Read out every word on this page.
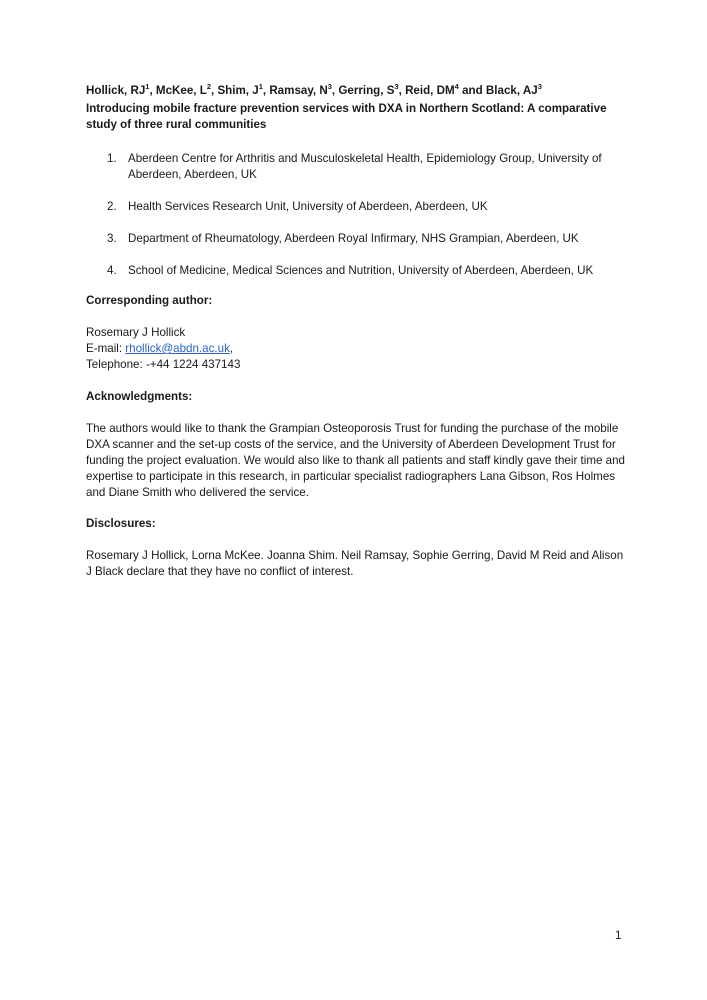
Hollick, $RJ^1$, McKee, $L^2$, Shim, $J^1$, Ramsay, $N^3$, Gerring, $S^3$, Reid, $DM^4$ and Black, $AJ^3$
Introducing mobile fracture prevention services with DXA in Northern Scotland: A comparative study of three rural communities
1. Aberdeen Centre for Arthritis and Musculoskeletal Health, Epidemiology Group, University of Aberdeen, Aberdeen, UK
2. Health Services Research Unit, University of Aberdeen, Aberdeen, UK
3. Department of Rheumatology, Aberdeen Royal Infirmary, NHS Grampian, Aberdeen, UK
4. School of Medicine, Medical Sciences and Nutrition, University of Aberdeen, Aberdeen, UK
Corresponding author:
Rosemary J Hollick
E-mail: rhollick@abdn.ac.uk,
Telephone: -+44 1224 437143
Acknowledgments:
The authors would like to thank the Grampian Osteoporosis Trust for funding the purchase of the mobile DXA scanner and the set-up costs of the service, and the University of Aberdeen Development Trust for funding the project evaluation. We would also like to thank all patients and staff kindly gave their time and expertise to participate in this research, in particular specialist radiographers Lana Gibson, Ros Holmes and Diane Smith who delivered the service.
Disclosures:
Rosemary J Hollick, Lorna McKee. Joanna Shim. Neil Ramsay, Sophie Gerring, David M Reid and Alison J Black declare that they have no conflict of interest.
1
